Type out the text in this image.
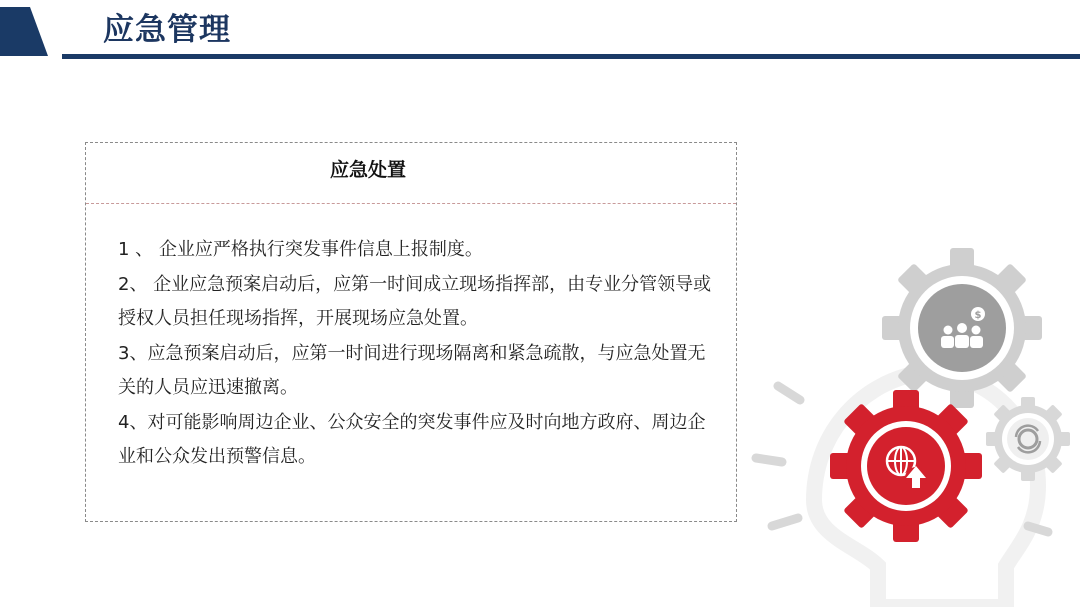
应急管理
应急处置

1 、 企业应严格执行突发事件信息上报制度。

2、 企业应急预案启动后，应第一时间成立现场指挥部，由专业分管领导或授权人员担任现场指挥，开展现场应急处置。

3、应急预案启动后，应第一时间进行现场隔离和紧急疏散，与应急处置无关的人员应迅速撤离。

4、对可能影响周边企业、公众安全的突发事件应及时向地方政府、周边企业和公众发出预警信息。

$
